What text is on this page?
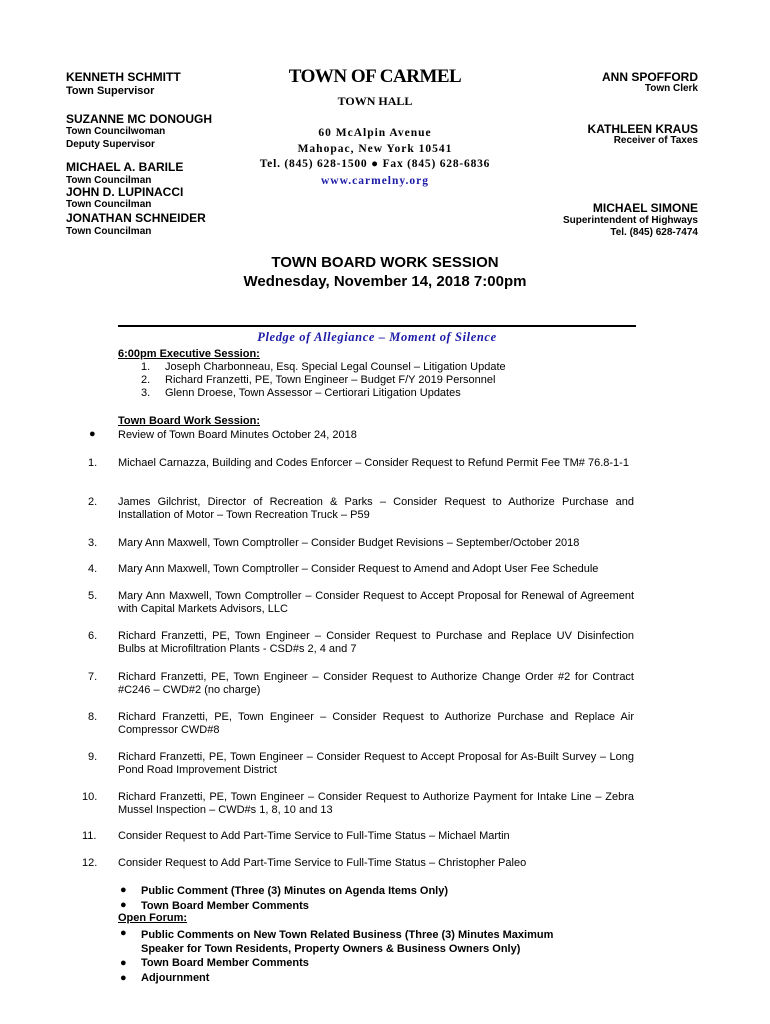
KENNETH SCHMITT
Town Supervisor
SUZANNE MC DONOUGH
Town Councilwoman
Deputy Supervisor
MICHAEL A. BARILE
Town Councilman
JOHN D. LUPINACCI
Town Councilman
JONATHAN SCHNEIDER
Town Councilman
TOWN OF CARMEL
TOWN HALL
60 McAlpin Avenue
Mahopac, New York 10541
Tel. (845) 628-1500 ● Fax (845) 628-6836
www.carmelny.org
ANN SPOFFORD
Town Clerk
KATHLEEN KRAUS
Receiver of Taxes
MICHAEL SIMONE
Superintendent of Highways
Tel. (845) 628-7474
TOWN BOARD WORK SESSION
Wednesday, November 14, 2018 7:00pm
Pledge of Allegiance – Moment of Silence
6:00pm Executive Session:
1. Joseph Charbonneau, Esq. Special Legal Counsel – Litigation Update
2. Richard Franzetti, PE, Town Engineer – Budget F/Y 2019 Personnel
3. Glenn Droese, Town Assessor – Certiorari Litigation Updates
Town Board Work Session:
● Review of Town Board Minutes October 24, 2018
1. Michael Carnazza, Building and Codes Enforcer – Consider Request to Refund Permit Fee TM# 76.8-1-1
2. James Gilchrist, Director of Recreation & Parks – Consider Request to Authorize Purchase and Installation of Motor – Town Recreation Truck – P59
3. Mary Ann Maxwell, Town Comptroller – Consider Budget Revisions – September/October 2018
4. Mary Ann Maxwell, Town Comptroller – Consider Request to Amend and Adopt User Fee Schedule
5. Mary Ann Maxwell, Town Comptroller – Consider Request to Accept Proposal for Renewal of Agreement with Capital Markets Advisors, LLC
6. Richard Franzetti, PE, Town Engineer – Consider Request to Purchase and Replace UV Disinfection Bulbs at Microfiltration Plants - CSD#s 2, 4 and 7
7. Richard Franzetti, PE, Town Engineer – Consider Request to Authorize Change Order #2 for Contract #C246 – CWD#2 (no charge)
8. Richard Franzetti, PE, Town Engineer – Consider Request to Authorize Purchase and Replace Air Compressor CWD#8
9. Richard Franzetti, PE, Town Engineer – Consider Request to Accept Proposal for As-Built Survey – Long Pond Road Improvement District
10. Richard Franzetti, PE, Town Engineer – Consider Request to Authorize Payment for Intake Line – Zebra Mussel Inspection – CWD#s 1, 8, 10 and 13
11. Consider Request to Add Part-Time Service to Full-Time Status – Michael Martin
12. Consider Request to Add Part-Time Service to Full-Time Status – Christopher Paleo
● Public Comment (Three (3) Minutes on Agenda Items Only)
● Town Board Member Comments
Open Forum:
● Public Comments on New Town Related Business (Three (3) Minutes Maximum Speaker for Town Residents, Property Owners & Business Owners Only)
● Town Board Member Comments
● Adjournment
